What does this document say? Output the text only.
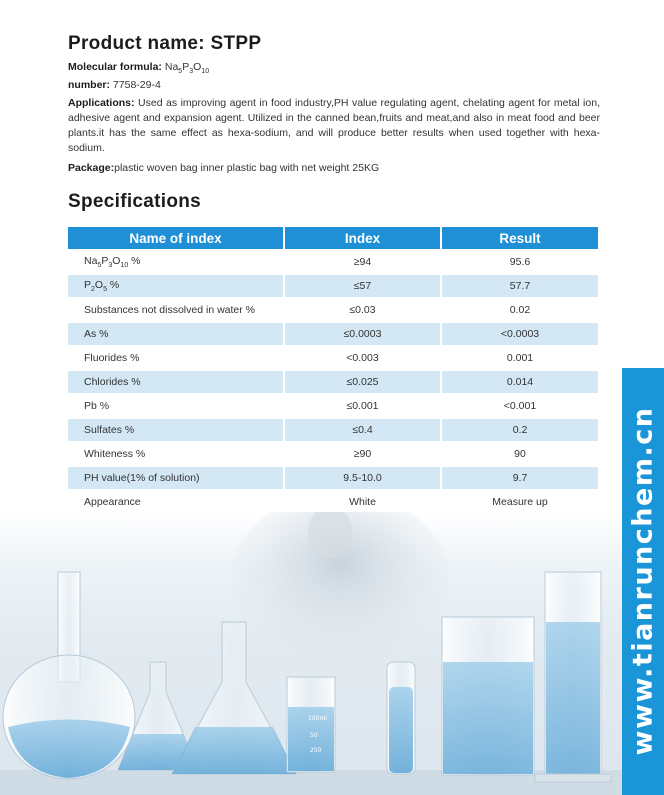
Product name: STPP
Molecular formula: $Na_5P_3O_{10}$
number: 7758-29-4
Applications: Used as improving agent in food industry,PH value regulating agent, chelating agent for metal ion, adhesive agent and expansion agent. Utilized in the canned bean,fruits and meat,and also in meat food and beer plants.it has the same effect as hexa-sodium, and will produce better results when used together with hexa-sodium.
Package:plastic woven bag inner plastic bag with net weight 25KG
Specifications
Name of index	Index	Result
$Na_5P_3O_{10}$ %	≥94	95.6
$P_2O_5$ %	≤57	57.7
Substances not dissolved in water %	≤0.03	0.02
As %	≤0.0003	<0.0003
Fluorides %	<0.003	0.001
Chlorides %	≤0.025	0.014
Pb %	≤0.001	<0.001
Sulfates %	≤0.4	0.2
Whiteness %	≥90	90
PH value(1% of solution)	9.5-10.0	9.7
Appearance	White	Measure up
100ml
50
250	www.tianrunchem.cn
